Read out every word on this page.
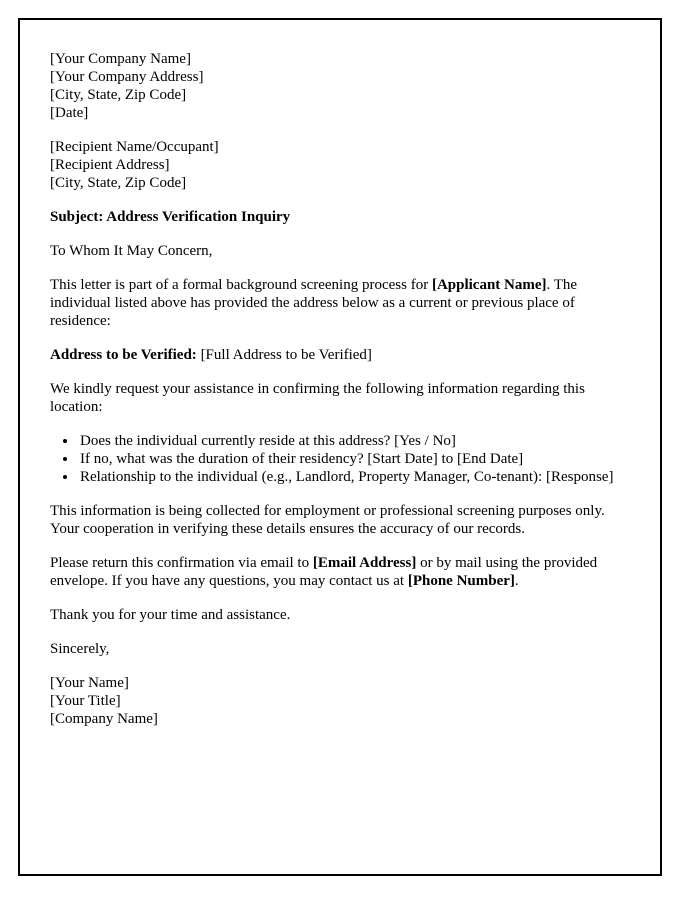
[Your Company Name]
[Your Company Address]
[City, State, Zip Code]
[Date]
[Recipient Name/Occupant]
[Recipient Address]
[City, State, Zip Code]

Subject: Address Verification Inquiry

To Whom It May Concern,

This letter is part of a formal background screening process for [Applicant Name]. The individual listed above has provided the address below as a current or previous place of residence:

Address to be Verified: [Full Address to be Verified]

We kindly request your assistance in confirming the following information regarding this location:

• Does the individual currently reside at this address? [Yes / No]
• If no, what was the duration of their residency? [Start Date] to [End Date]
• Relationship to the individual (e.g., Landlord, Property Manager, Co-tenant): [Response]

This information is being collected for employment or professional screening purposes only. Your cooperation in verifying these details ensures the accuracy of our records.

Please return this confirmation via email to [Email Address] or by mail using the provided envelope. If you have any questions, you may contact us at [Phone Number].

Thank you for your time and assistance.

Sincerely,

[Your Name]
[Your Title]
[Company Name]
